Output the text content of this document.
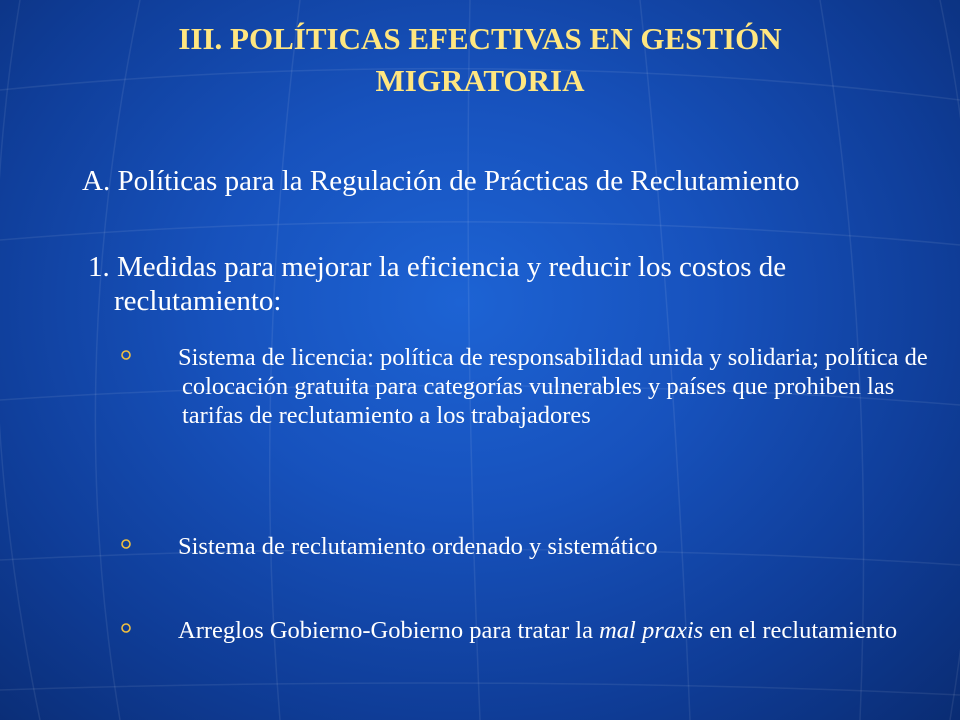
III. POLÍTICAS EFECTIVAS EN GESTIÓN
MIGRATORIA
A. Políticas para la Regulación de Prácticas de Reclutamiento
1. Medidas para mejorar la eficiencia y reducir los costos de reclutamiento:
Sistema de licencia: política de responsabilidad unida y solidaria; política de colocación gratuita para categorías vulnerables y países que prohiben las tarifas de reclutamiento a los trabajadores
Sistema de reclutamiento ordenado y sistemático
Arreglos Gobierno-Gobierno para tratar la mal praxis en el reclutamiento
